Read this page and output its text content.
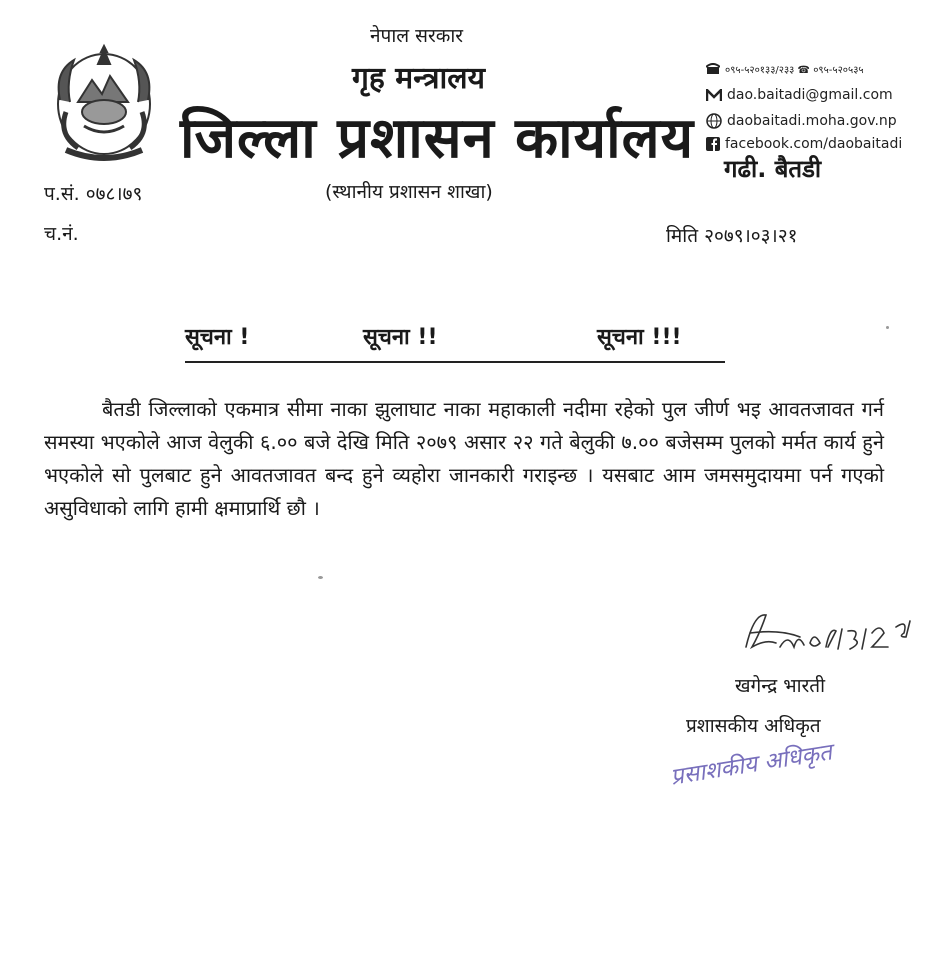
नेपाल सरकार
गृह मन्त्रालय
जिल्ला प्रशासन कार्यालय
(स्थानीय प्रशासन शाखा)
०९५-५२०१३३/२३३ ☎ ०९५-५२०५३५
dao.baitadi@gmail.com
daobaitadi.moha.gov.np
facebook.com/daobaitadi
गढी. बैतडी
प.सं. ०७८।७९
च.नं.	मिति २०७९।०३।२१
सूचना !	सूचना !!	सूचना !!!
बैतडी जिल्लाको एकमात्र सीमा नाका झुलाघाट नाका महाकाली नदीमा रहेको पुल जीर्ण भइ आवतजावत गर्न समस्या भएकोले आज वेलुकी ६.०० बजे देखि मिति २०७९ असार २२ गते बेलुकी ७.०० बजेसम्म पुलको मर्मत कार्य हुने भएकोले सो पुलबाट हुने आवतजावत बन्द हुने व्यहोरा जानकारी गराइन्छ । यसबाट आम जमसमुदायमा पर्न गएको असुविधाको लागि हामी क्षमाप्रार्थि छौ ।
खगेन्द्र भारती
प्रशासकीय अधिकृत
प्रसाशकीय अधिकृत
